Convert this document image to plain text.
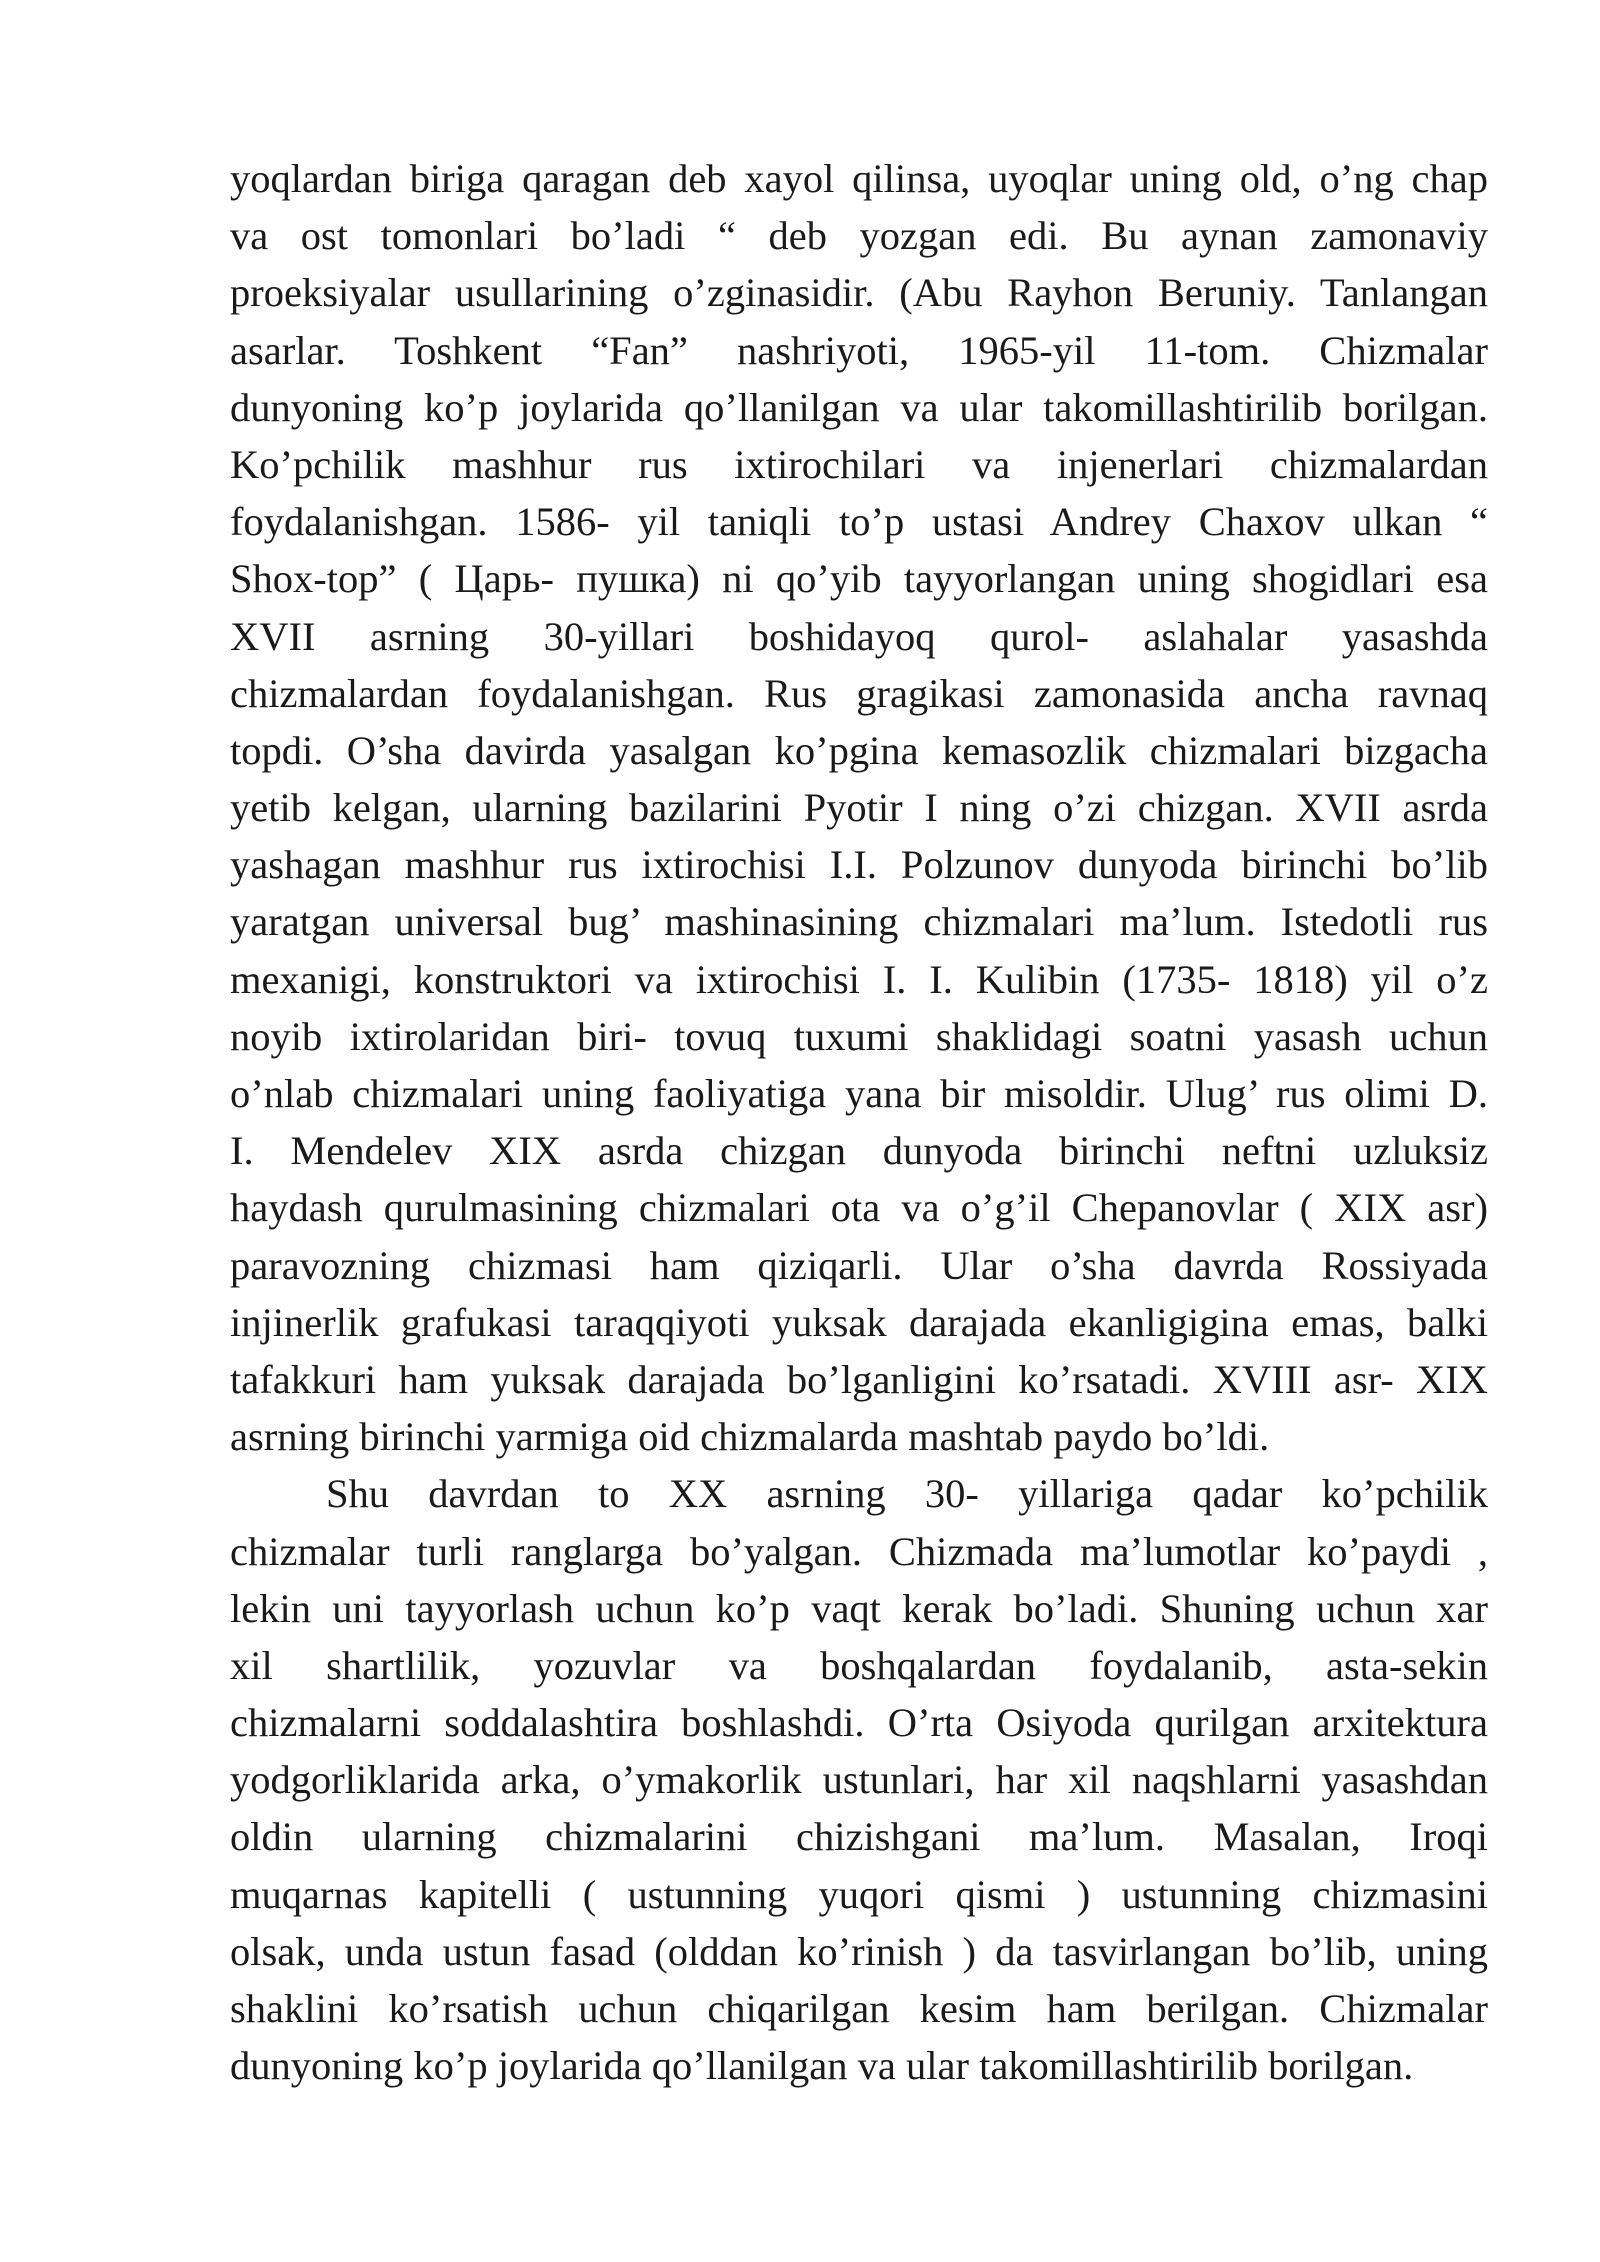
yoqlardan biriga qaragan deb xayol qilinsa, uyoqlar uning old, o’ng chap
va ost tomonlari bo’ladi “ deb yozgan edi. Bu aynan zamonaviy
proeksiyalar usullarining o’zginasidir. (Abu Rayhon Beruniy. Tanlangan
asarlar. Toshkent “Fan” nashriyoti, 1965-yil 11-tom. Chizmalar
dunyoning ko’p joylarida qo’llanilgan va ular takomillashtirilib borilgan.
Ko’pchilik mashhur rus ixtirochilari va injenerlari chizmalardan
foydalanishgan. 1586- yil taniqli to’p ustasi Andrey Chaxov ulkan “
Shox-top” ( Царь- пушка) ni qo’yib tayyorlangan uning shogidlari esa
XVII asrning 30-yillari boshidayoq qurol- aslahalar yasashda
chizmalardan foydalanishgan. Rus gragikasi zamonasida ancha ravnaq
topdi. O’sha davirda yasalgan ko’pgina kemasozlik chizmalari bizgacha
yetib kelgan, ularning bazilarini Pyotir I ning o’zi chizgan. XVII asrda
yashagan mashhur rus ixtirochisi I.I. Polzunov dunyoda birinchi bo’lib
yaratgan universal bug’ mashinasining chizmalari ma’lum. Istedotli rus
mexanigi, konstruktori va ixtirochisi I. I. Kulibin (1735- 1818) yil o’z
noyib ixtirolaridan biri- tovuq tuxumi shaklidagi soatni yasash uchun
o’nlab chizmalari uning faoliyatiga yana bir misoldir. Ulug’ rus olimi D.
I. Mendelev XIX asrda chizgan dunyoda birinchi neftni uzluksiz
haydash qurulmasining chizmalari ota va o’g’il Chepanovlar ( XIX asr)
paravozning chizmasi ham qiziqarli. Ular o’sha davrda Rossiyada
injinerlik grafukasi taraqqiyoti yuksak darajada ekanligigina emas, balki
tafakkuri ham yuksak darajada bo’lganligini ko’rsatadi. XVIII asr- XIX
asrning birinchi yarmiga oid chizmalarda mashtab paydo bo’ldi.

Shu davrdan to XX asrning 30- yillariga qadar ko’pchilik
chizmalar turli ranglarga bo’yalgan. Chizmada ma’lumotlar ko’paydi ,
lekin uni tayyorlash uchun ko’p vaqt kerak bo’ladi. Shuning uchun xar
xil shartlilik, yozuvlar va boshqalardan foydalanib, asta-sekin
chizmalarni soddalashtira boshlashdi. O’rta Osiyoda qurilgan arxitektura
yodgorliklarida arka, o’ymakorlik ustunlari, har xil naqshlarni yasashdan
oldin ularning chizmalarini chizishgani ma’lum. Masalan, Iroqi
muqarnas kapitelli ( ustunning yuqori qismi ) ustunning chizmasini
olsak, unda ustun fasad (olddan ko’rinish ) da tasvirlangan bo’lib, uning
shaklini ko’rsatish uchun chiqarilgan kesim ham berilgan. Chizmalar
dunyoning ko’p joylarida qo’llanilgan va ular takomillashtirilib borilgan.
